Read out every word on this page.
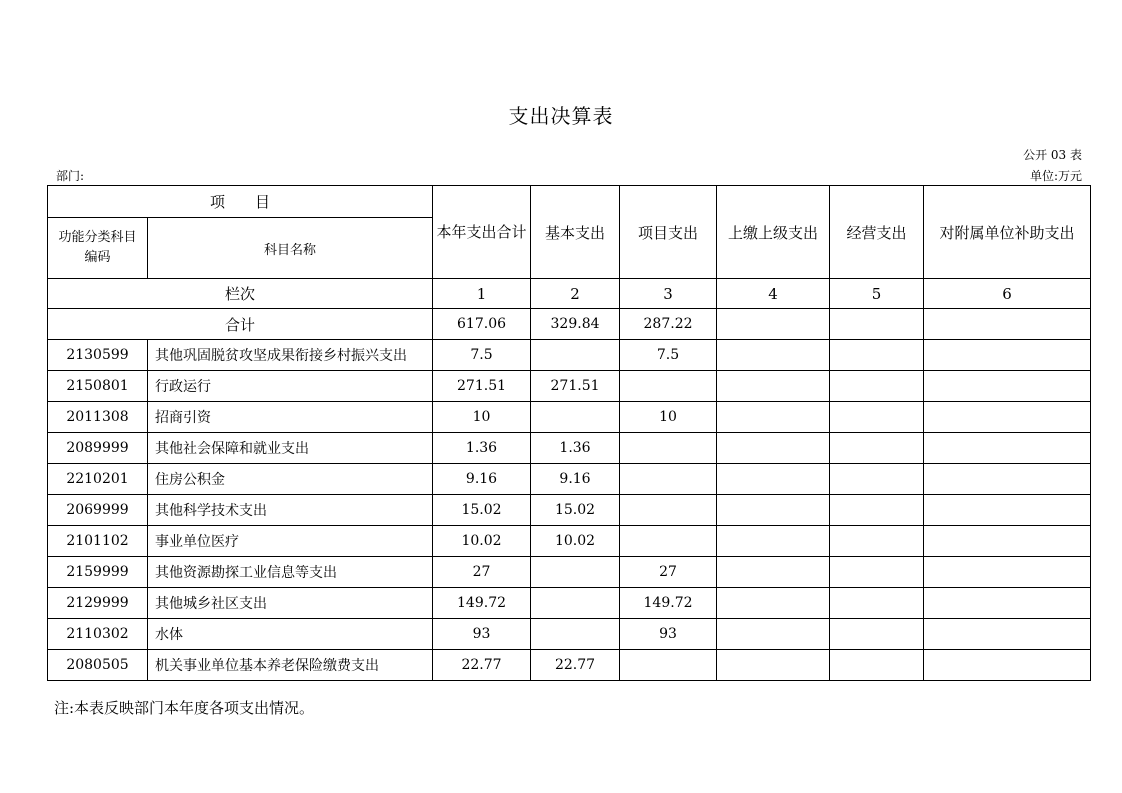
支出决算表
公开 03 表
部门:	单位:万元
项　　目		本年支出合计	基本支出	项目支出	上缴上级支出	经营支出	对附属单位补助支出
功能分类科目编码	科目名称						
栏次		1	2	3	4	5	6
合计		617.06	329.84	287.22			
2130599	其他巩固脱贫攻坚成果衔接乡村振兴支出	7.5		7.5			
2150801	行政运行	271.51	271.51				
2011308	招商引资	10		10			
2089999	其他社会保障和就业支出	1.36	1.36				
2210201	住房公积金	9.16	9.16				
2069999	其他科学技术支出	15.02	15.02				
2101102	事业单位医疗	10.02	10.02				
2159999	其他资源勘探工业信息等支出	27		27			
2129999	其他城乡社区支出	149.72		149.72			
2110302	水体	93		93			
2080505	机关事业单位基本养老保险缴费支出	22.77	22.77				
注:本表反映部门本年度各项支出情况。
